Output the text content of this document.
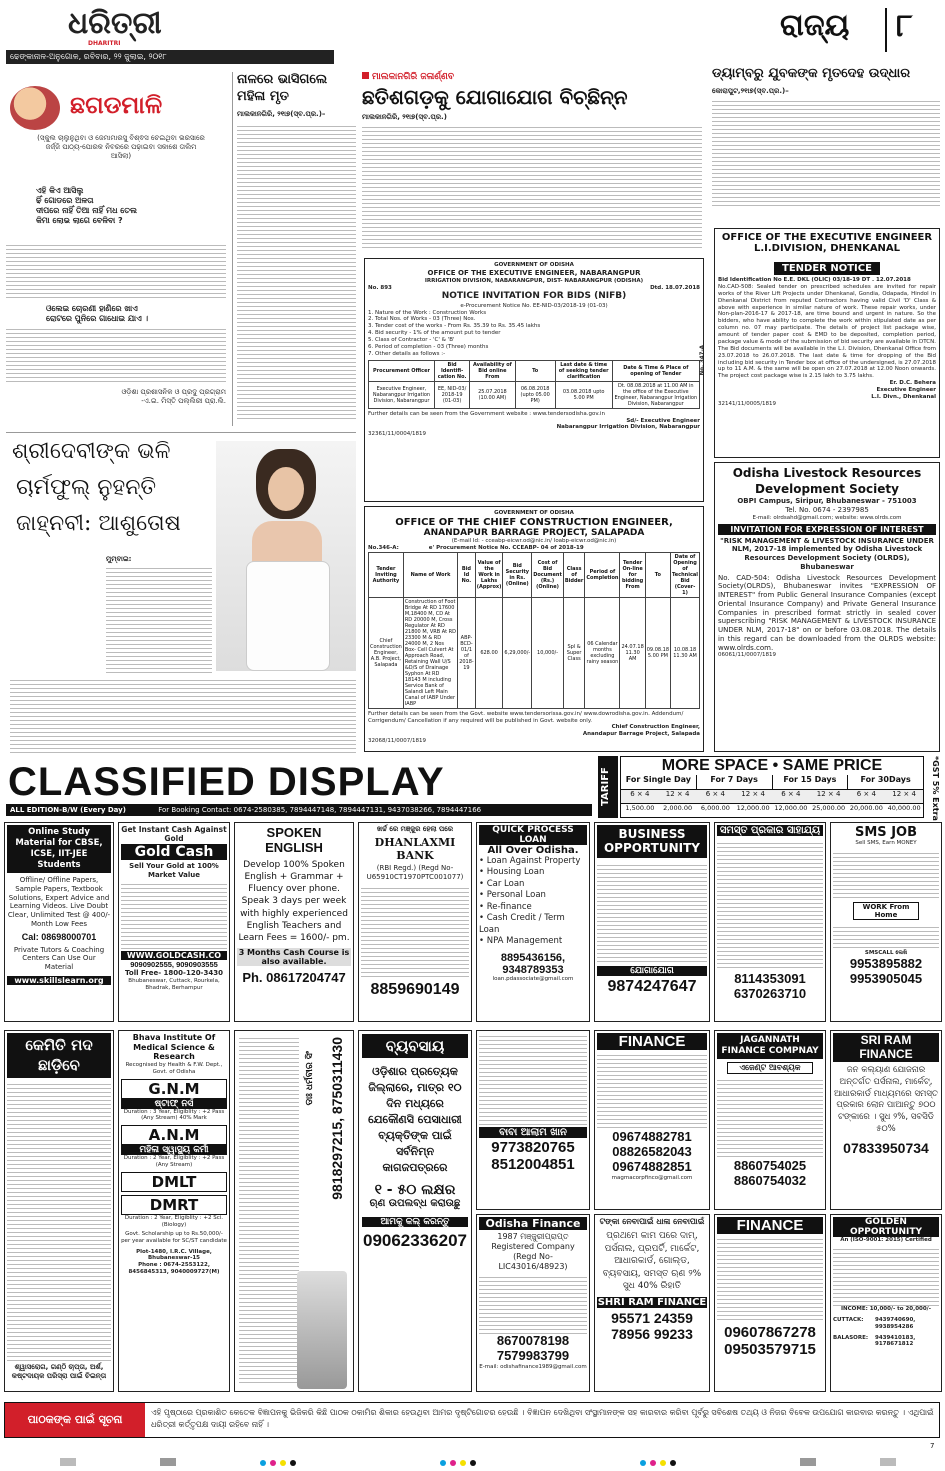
ଧରିତ୍ରୀ
DHARITRI
ଢେଙ୍କାନାଳ-ଅନୁଗୋଳ, ରବିବାର, ୨୨ ଜୁଲାଇ, ୨୦୧୮
ରାଜ୍ୟ ୮
ଛଗଡମାଳି
(ସ୍କୁଲ ଚାଲୁନୁଥିବା ଓ ଜେମାମାରସୁ ବିଶ୍ଵସ ଚେଇଥିବା ଭରସାରେ ଜର୍ଜ୍ଜି ପାଠ୍ୟ-ପୋରକ ନିବରରେ ପଢ଼ାଇବା ସକାଶେ ତାଲିମ ଆସିଲା)
ଏହି କିଏ ଆସିଲୁ
ଢିଁ ଗୋଡରେ ଅଳତା
ଦୀପରେ ନାହିଁ ତିଆ ନାହିଁ ମଧ ତେଲ
କିମା ଲୋଭ ଲାଗେ ବେଳିବା ?
ଓଲେଇ ଚୋରଣୀ ହାଣିରେ ଖାଏ
ରୋଟରେ ପୁନିରେ ଗାଧୋଇ ଯାଏ ।
ଓଡ଼ିଶା ପ୍ରଶାସନିକ ଓ ପ୍ରଦୁ ପ୍ରଗ୍ରାମ
-ଏ.ଇ. ମିସ୍ତି ପଲ୍ଲିରୀ ପ୍ରା.ଲି.
ନାଳରେ ଭାସିଗଲେ ମହିଳା ମୃତ
ମାଲକାନଗିରି, ୨୧ା୭(ସ୍ବ.ପ୍ର.)–
ମାଲକାନଗିରି ଜଳାର୍ଣ୍ଣବ
ଛତିଶଗଡ଼କୁ ଯୋଗାଯୋଗ ବିଚ୍ଛିନ୍ନ
ମାଲକାନଗିରି, ୨୧ା୭(ସ୍ବ.ପ୍ର.)
GOVERNMENT OF ODISHA
OFFICE OF THE EXECUTIVE ENGINEER, NABARANGPUR
IRRIGATION DIVISION, NABARANGPUR, DIST- NABARANGPUR (ODISHA)
No. 893	Dtd. 18.07.2018
NOTICE INVITATION FOR BIDS (NIFB)
e-Procurement Notice No. EE-NID-03/2018-19 (01-03)
1. Nature of the Work : Construction Works
2. Total Nos. of Works - 03 (Three) Nos.
3. Tender cost of the works - From Rs. 35.39 to Rs. 35.45 lakhs
4. Bid security - 1% of the amount put to tender
5. Class of Contractor - 'C' & 'B'
6. Period of completion - 03 (Three) months
7. Other details as follows :-	No. 347-A
Procurement Officer	Bid Identifi-cation No.	Availability of Bid online From	To	Last date & time of seeking tender clarification	Date & Time & Place of opening of Tender
Executive Engineer, Nabarangpur Irrigation Division, Nabarangpur	EE, NID-03/ 2018-19 (01-03)	25.07.2018 (10.00 AM)	06.08.2018 (upto 05.00 PM)	03.08.2018 upto 5.00 PM	Dt. 08.08.2018 at 11.00 AM in the office of the Executive Engineer, Nabarangpur Irrigation Division, Nabarangpur
Further details can be seen from the Government website : www.tendersodisha.gov.in
Sd/- Executive Engineer
Nabarangpur Irrigation Division, Nabarangpur
32361/11/0004/1819
GOVERNMENT OF ODISHA
OFFICE OF THE CHIEF CONSTRUCTION ENGINEER,
ANANDAPUR BARRAGE PROJECT, SALAPADA
(E-mail Id: - cceabp-eicwr.od@nic.in/ loabp-eicwr.od@nic.in)
No.346-A:	e' Procurement Notice No. CCEABP- 04 of 2018-19
Tender Inviting Authority	Name of Work	Bid Id No.	Value of the Work in Lakhs (Approx)	Bid Security in Rs. (Online)	Cost of Bid Document (Rs.) (Online)	Class of Bidder	Period of Completion	Tender On-line for bidding From	To	Date of Opening of Technical Bid (Cover-1)
Chief Construction Engineer, A.B. Project, Salapada	Construction of Foot Bridge At RD 17600 M,18400 M, CD At RD 20000 M, Cross Regulator At RD 21800 M, VRB At RD 23300 M & RD 24000 M, 2 Nos Box- Cell Culvert At Approach Road, Retaining Wall U/S &D/S of Drainage Syphon At RD 18143 M including Service Bank of Salandi Left Main Canal of IABP Under IABP	ABP-BCD-01/1 of 2018-19	628.00	6,29,000/-	10,000/-	Spl & Super Class	06 Calendar months excluding rainy season	24.07.18 11.30 AM	09.08.18 5.00 PM	10.08.18 11.30 AM
Further details can be seen from the Govt. website www.tendersorissa.gov.in/ www.dowrodisha.gov.in. Addendum/ Corrigendum/ Cancellation if any required will be published in Govt. website only.
Chief Construction Engineer,
Anandapur Barrage Project, Salapada
32068/11/0007/1819
ଡ୍ୟାମ୍ବରୁ ଯୁବକଙ୍କ ମୃତଦେହ ଉଦ୍ଧାର
କୋରାପୁଟ,୨୧ା୭(ସ୍ବ.ପ୍ର.)–
OFFICE OF THE EXECUTIVE ENGINEER
L.I.DIVISION, DHENKANAL
TENDER NOTICE
Bid Identification No E.E. DKL (OLIC) 03/18-19 DT . 12.07.2018
No.CAD-508: Sealed tender on prescribed schedules are invited for repair works of the River Lift Projects under Dhenkanal, Gondia, Odapada, Hindol in Dhenkanal District from reputed Contractors having valid Civil 'D' Class & above with experience in similar nature of work. These repair works, under Non-plan-2016-17 & 2017-18, are time bound and urgent in nature. So the bidders, who have ability to complete the work within stipulated date as per column no. 07 may participate. The details of project list package wise, amount of tender paper cost & EMD to be deposited, completion period, package value & mode of the submission of bid security are available in DTCN. The Bid documents will be available in the L.I. Division, Dhenkanal Office from 23.07.2018 to 26.07.2018. The last date & time for dropping of the Bid including bid security in Tender box at office of the undersigned, is 27.07.2018 up to 11 A.M. & the same will be open on 27.07.2018 at 12.00 Noon onwards. The project cost package wise is 2.15 lakh to 3.75 lakhs.
Er. D.C. Behera
Executive Engineer
L.I. Divn., Dhenkanal
32141/11/0005/1819
Odisha Livestock Resources Development Society
OBPI Campus, Siripur, Bhubaneswar - 751003
Tel. No. 0674 - 2397985
E-mail: olrdsahd@gmail.com; website: www.olrds.com
INVITATION FOR EXPRESSION OF INTEREST
"RISK MANAGEMENT & LIVESTOCK INSURANCE UNDER NLM, 2017-18 implemented by Odisha Livestock Resources Development Society (OLRDS), Bhubaneswar
No. CAD-504: Odisha Livestock Resources Development Society(OLRDS), Bhubaneswar invites "EXPRESSION OF INTEREST" from Public General Insurance Companies (except Oriental Insurance Company) and Private General Insurance Companies in prescribed format strictly in sealed cover superscribing "RISK MANAGEMENT & LIVESTOCK INSURANCE UNDER NLM, 2017-18" on or before 03.08.2018. The details in this regard can be downloaded from the OLRDS website: www.olrds.com.
06061/11/0007/1819
ଶ୍ରୀଦେବୀଙ୍କ ଭଳି
ଚାର୍ମଫୁଲ୍ ନୁହନ୍ତି
ଜାହ୍ନବୀ: ଆଶୁତୋଷ
ମୁମ୍ବାଇ:
CLASSIFIED DISPLAY
ALL EDITION-B/W (Every Day)	For Booking Contact: 0674-2580385, 7894447148, 7894447131, 9437038266, 7894447166
TARIFF
MORE SPACE • SAME PRICE
For Single Day	For 7 Days	For 15 Days	For 30Days
6 × 4	12 × 4	6 × 4	12 × 4	6 × 4	12 × 4	6 × 4	12 × 4
1,500.00	2,000.00	6,000.00	12,000.00 12,000.00 25,000.00 20,000.00 40,000.00 *GST 5% Extra
Online Study Material for CBSE, ICSE, IIT-JEE Students
Offline/ Offline Papers, Sample Papers, Textbook Solutions, Expert Advice and Learning Videos. Live Doubt Clear, Unlimited Test @ 400/-Month Low Fees
Cal: 08698000701
Private Tutors & Coaching Centers Can Use Our Material
www.skillslearn.org
Get Instant Cash Against Gold
Gold Cash
Sell Your Gold at 100% Market Value
WWW.GOLDCASH.CO
9090902555, 9090903555
Toll Free- 1800-120-3430
Bhubaneswar, Cuttack, Rourkela, Bhadrak, Berhampur
SPOKEN ENGLISH
Develop 100% Spoken English + Grammar + Fluency over phone. Speak 3 days per week with highly experienced English Teachers and Learn Fees = 1600/- pm.
3 Months Cash Course is also available.
Ph. 08617204747
ଖର୍ଚ୍ଚ ରେ ମଞ୍ଜୁର ହେଲା ପରେ
DHANLAXMI BANK
(RBI Regd.) (Regd No- U65910CT1970PTC001077)
8859690149
QUICK PROCESS LOAN
All Over Odisha.
• Loan Against Property
• Housing Loan
• Car Loan
• Personal Loan
• Re-finance
• Cash Credit / Term Loan
• NPA Management
8895436156, 9348789353
loan.pdassociate@gmail.com
BUSINESS OPPORTUNITY
ଯୋଗାଯୋଗ
9874247647
ସମସ୍ତ ପ୍ରକାର ସାହାଯ୍ୟ
8114353091
6370263710
SMS JOB
Sell SMS, Earn MONEY
WORK From Home
SMSCALL ଲେଖି
9953895882
9953905045
କେମିତି ମଦ ଛାଡ଼ିବେ
ଶ୍ୱାସରୋଗ, ଗଣ୍ଠି ଚାପ୍ତା, ଅର୍ଶ, କଷ୍ଟଦାୟକ ପରିସ୍ରା ପାଇଁ ଚିଇନ୍ତା
Bhava Institute Of Medical Science & Research
Recognised by Health & F.W. Dept., Govt. of Odisha
G.N.M
ଷ୍ଟାଫ୍ ନର୍ସ
Duration : 3 Year, Eligiblity : +2 Pass (Any Stream) 40% Mark
A.N.M
ମହିଳା ସ୍ୱାସ୍ଥ୍ୟ କର୍ମୀ
Duration : 2 Year, Eligiblity : +2 Pass (Any Stream)
DMLT
DMRT
Duration : 2 Year, Eligiblity : +2 Sci. (Biology)
Govt. Scholarship up to Rs.50,000/- per year available for SC/ST candidate
Plot-1480, I.R.C. Village, Bhubaneswar-15
Phone : 0674-2553122, 8456845313, 9040009727(M)
9818297215, 8750311430
ଡାଃ ଧର୍ମବୀର ସିଂ
ବ୍ୟବସାୟ
ଓଡ଼ିଶାର ପ୍ରତ୍ୟେକ ଜିଲ୍ଲାରେ, ମାତ୍ର ୧୦ ଦିନ ମଧ୍ୟରେ ଯେକୌଣସି ପେସାଧାରୀ ବ୍ୟକ୍ତିଙ୍କ ପାଇଁ ସର୍ବନିମ୍ନ କାଗଜପତ୍ରରେ
୧ - ୫୦ ଲକ୍ଷର
ଋଣ ଉପଲବ୍ଧ କରାଉଛୁ
ଆମକୁ କଲ୍ କରନ୍ତୁ
09062336207
ବାବା ଆଲାମ ଖାନ
9773820765
8512004851
Odisha Finance
1987 ମଞ୍ଜୁରୀପ୍ରାପ୍ତ Registered Company (Regd No- LIC43016/48923)
8670078198
7579983799
E-mail: odishafinance1989@gmail.com
FINANCE
09674882781
08826582043
09674882851
magmacorpfinco@gmail.com
ଟଙ୍କା ନେବାପାଇଁ ଧାଳା ନେବାପାଇଁ
ପ୍ରଥମେ କାମ ପରେ ଦାମ୍, ପର୍ସନାଲ, ପ୍ରପର୍ଟି, ମାର୍କେଟ, ଆଧାରକାର୍ଡ, ଗୋଲ୍ଡ, ବ୍ୟବସାୟ, ସମସ୍ତ ଋଣ ୨% ସୁଧ 40% ରିହାତି
SHRI RAM FINANCE
95571 24359
78956 99233
JAGANNATH FINANCE COMPNAY
ଏଜେଣ୍ଟ ଆବଶ୍ୟକ
8860754025
8860754032
FINANCE
09607867278
09503579715
SRI RAM FINANCE
ଜନ କଲ୍ୟାଣ ଯୋଜନାର ଅନ୍ତର୍ଗତ ପର୍ସନାଲ, ମାର୍କେଟ୍, ଆଧାରକାର୍ଡ ମାଧ୍ୟମରେ ସମସ୍ତ ପ୍ରକାର ଲୋନ ପାଆନ୍ତୁ ୭୦୦ ଟଙ୍କାରେ । ସୁଧ ୨%, ସବସିଡି ୫୦%
07833950734
GOLDEN OPPORTUNITY
An (ISO-9001: 2015) Certified
INCOME: 10,000/- to 20,000/-
CUTTACK:	9439740690, 9938954286
BALASORE:	9439410183, 9178671812
ପାଠକଙ୍କ ପାଇଁ ସୂଚନା
ଏହି ପୃଷ୍ଠାରେ ପ୍ରକାଶିତ କେତେକ ବିଜ୍ଞାପନକୁ ଭିଜିକରି କିଛି ପାଠକ ଠକାମିର ଶିକାର ହେଉଥିବା ଆମର ଦୃଷ୍ଟିଗୋଚର ହେଉଛି । ବିଜ୍ଞାପନ ଦେଖିଥିବା ସଂସ୍ଥାମାନଙ୍କ ସହ କାରବାର କରିବା ପୂର୍ବରୁ ସବିଶେଷ ତଥ୍ୟ ଓ ନିଜର ବିବେକ ଉପଯୋଗ କାରବାର କରନ୍ତୁ । ଏଥିପାଇଁ ଧରିତ୍ରୀ କର୍ତ୍ତୃପକ୍ଷ ଦାୟୀ ରହିବେ ନାହିଁ ।
7
